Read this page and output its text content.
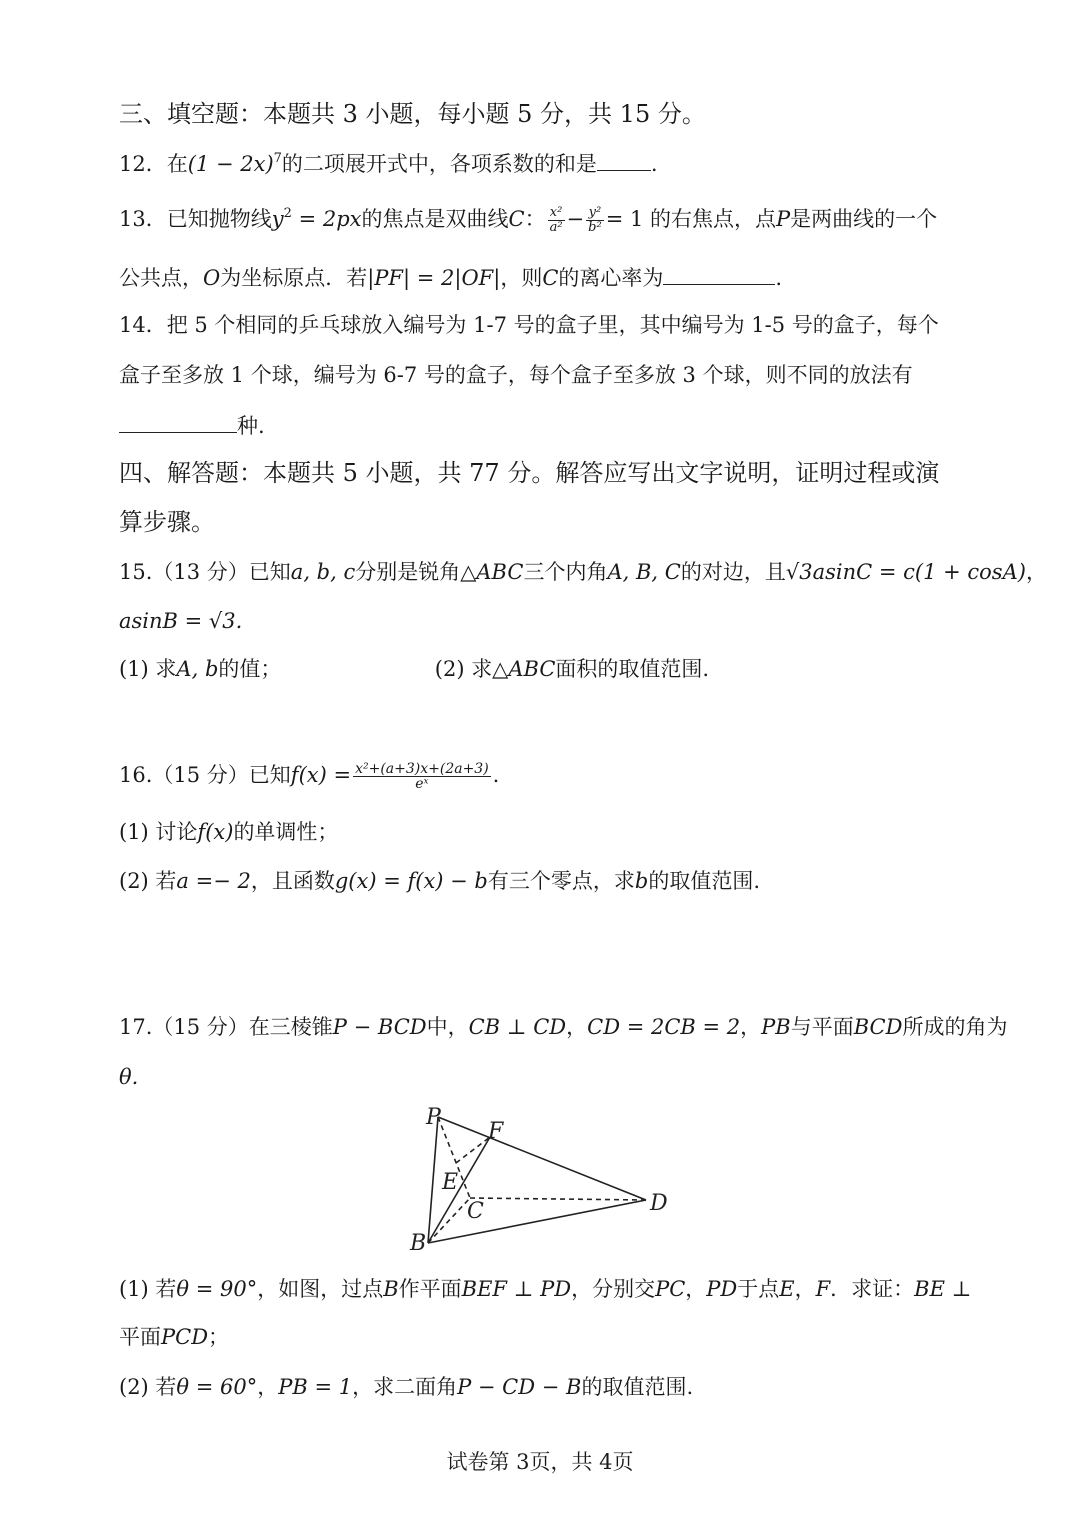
三、填空题：本题共 3 小题，每小题 5 分，共 15 分。
12．在$(1 - 2x)^7$的二项展开式中，各项系数的和是	.
13．已知抛物线$y^2 = 2px$的焦点是双曲线C： $\frac{\text{x²}}{\text{a²}} - \frac{\text{y²}}{\text{b²}} = 1$ 的右焦点，点P是两曲线的一个
公共点，O为坐标原点．若|PF| = 2|OF|，则C的离心率为	.
14．把 5 个相同的乒乓球放入编号为 1-7 号的盒子里，其中编号为 1-5 号的盒子，每个
盒子至多放 1 个球，编号为 6-7 号的盒子，每个盒子至多放 3 个球，则不同的放法有
种.
四、解答题：本题共 5 小题，共 77 分。解答应写出文字说明，证明过程或演
算步骤。
15.（13 分）已知a, b, c分别是锐角△ABC三个内角A, B, C的对边，且√3asinC = c(1 + cosA)，
asinB = √3.
(1) 求A, b的值；	(2) 求△ABC面积的取值范围.
16.（15 分）已知$f(x) = \frac{\text{x²+(a+3)x+(2a+3)}}{\text{eˣ}}$ .
(1) 讨论f(x)的单调性；
(2) 若a =− 2，且函数g(x) = f(x) − b有三个零点，求b的取值范围.
17.（15 分）在三棱锥P − BCD中，CB ⊥ CD，CD = 2CB = 2，PB与平面BCD所成的角为
θ.
P
F
E
C	D
B
(1) 若θ = 90°，如图，过点B作平面BEF ⊥ PD，分别交PC，PD于点E，F．求证：BE ⊥
平面PCD；
(2) 若θ = 60°，PB = 1，求二面角P − CD − B的取值范围.
试卷第 3页，共 4页
